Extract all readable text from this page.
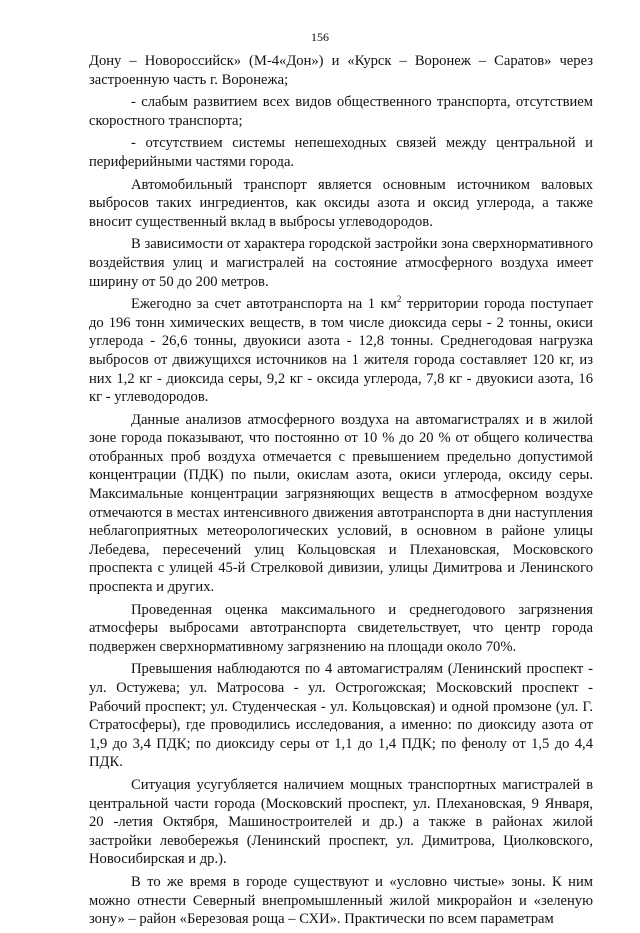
156

Дону – Новороссийск» (М-4«Дон») и «Курск – Воронеж – Саратов» через застроенную часть г. Воронежа;

- слабым развитием всех видов общественного транспорта, отсутствием скоростного транспорта;

- отсутствием системы непешеходных связей между центральной и периферийными частями города.

Автомобильный транспорт является основным источником валовых выбросов таких ингредиентов, как оксиды азота и оксид углерода, а также вносит существенный вклад в выбросы углеводородов.

В зависимости от характера городской застройки зона сверхнормативного воздействия улиц и магистралей на состояние атмосферного воздуха имеет ширину от 50 до 200 метров.

Ежегодно за счет автотранспорта на 1 $км^2$ территории города поступает до 196 тонн химических веществ, в том числе диоксида серы - 2 тонны, окиси углерода - 26,6 тонны, двуокиси азота - 12,8 тонны. Среднегодовая нагрузка выбросов от движущихся источников на 1 жителя города составляет 120 кг, из них 1,2 кг - диоксида серы, 9,2 кг - оксида углерода, 7,8 кг - двуокиси азота, 16 кг - углеводородов.

Данные анализов атмосферного воздуха на автомагистралях и в жилой зоне города показывают, что постоянно от 10 % до 20 % от общего количества отобранных проб воздуха отмечается с превышением предельно допустимой концентрации (ПДК) по пыли, окислам азота, окиси углерода, оксиду серы. Максимальные концентрации загрязняющих веществ в атмосферном воздухе отмечаются в местах интенсивного движения автотранспорта в дни наступления неблагоприятных метеорологических условий, в основном в районе улицы Лебедева, пересечений улиц Кольцовская и Плехановская, Московского проспекта с улицей 45-й Стрелковой дивизии, улицы Димитрова и Ленинского проспекта и других.

Проведенная оценка максимального и среднегодового загрязнения атмосферы выбросами автотранспорта свидетельствует, что центр города подвержен сверхнормативному загрязнению на площади около 70%.

Превышения наблюдаются по 4 автомагистралям (Ленинский проспект - ул. Остужева; ул. Матросова - ул. Острогожская; Московский проспект - Рабочий проспект; ул. Студенческая - ул. Кольцовская) и одной промзоне (ул. Г. Стратосферы), где проводились исследования, а именно: по диоксиду азота от 1,9 до 3,4 ПДК; по диоксиду серы от 1,1 до 1,4 ПДК; по фенолу от 1,5 до 4,4 ПДК.

Ситуация усугубляется наличием мощных транспортных магистралей в центральной части города (Московский проспект, ул. Плехановская, 9 Января, 20 -летия Октября, Машиностроителей и др.) а также в районах жилой застройки левобережья (Ленинский проспект, ул. Димитрова, Циолковского, Новосибирская и др.).

В то же время в городе существуют и «условно чистые» зоны. К ним можно отнести Северный внепромышленный жилой микрорайон и «зеленую зону» – район «Березовая роща – СХИ». Практически по всем параметрам
